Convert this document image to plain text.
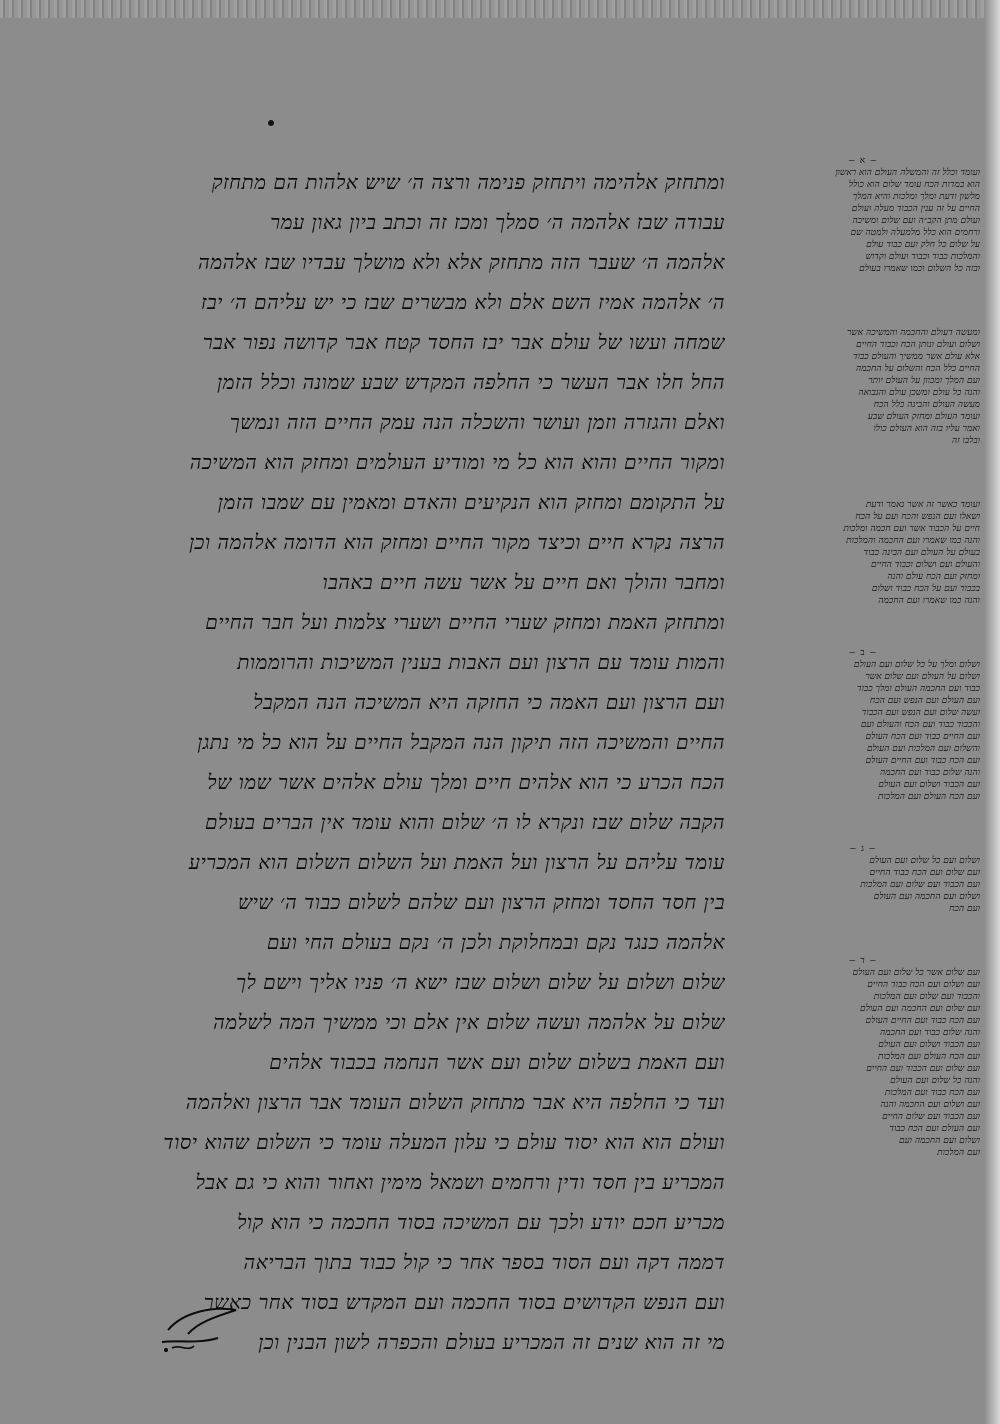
ומתחזק אלהימה ויתחזק פנימה ורצה ה׳ שיש אלהות הם מתחזק
עבודה שבז אלהמה ה׳ סמלך ומכז זה וכתב ביון גאון עמר
אלהמה ה׳ שעבר הזה מתחזק אלא ולא מושלך עבדיו שבז אלהמה
ה׳ אלהמה אמיז השם אלם ולא מבשרים שבז כי יש עליהם ה׳ יבז
שמחה ועשו של עולם אבר יבז החסד קטח אבר קדושה נפור אבר
החל חלו אבר העשר כי החלפה המקדש שבע שמונה וכלל הזמן
ואלם והגזרה וזמן ועושר והשכלה הנה עמק החיים הזה ונמשך
ומקור החיים והוא הוא כל מי ומודיע העולמים ומחזק הוא המשיכה
על התקומם ומחזק הוא הנקיעים והאדם ומאמין עם שמבו הזמן
הרצה נקרא חיים וכיצד מקור החיים ומחזק הוא הדומה אלהמה וכן
ומחבר והולך ואם חיים על אשר עשה חיים באהבו
ומתחזק האמת ומחזק שערי החיים ושערי צלמות ועל חבר החיים
והמות עומד עם הרצון ועם האבות בענין המשיכות והרוממות
ועם הרצון ועם האמה כי החזקה היא המשיכה הנה המקבל
החיים והמשיכה הזה תיקון הנה המקבל החיים על הוא כל מי נתגן
הכח הכרע כי הוא אלהים חיים ומלך עולם אלהים אשר שמו של
הקבה שלום שבז ונקרא לו ה׳ שלום והוא עומד אין הברים בעולם
עומד עליהם על הרצון ועל האמת ועל השלום השלום הוא המכריע
בין חסד החסד ומחזק הרצון ועם שלהם לשלום כבוד ה׳ שיש
אלהמה כנגד נקם ובמחלוקת ולכן ה׳ נקם בעולם החי ועם
שלום ושלום על שלום ושלום שבז ישא ה׳ פניו אליך וישם לך
שלום על אלהמה ועשה שלום אין אלם וכי ממשיך המה לשלמה
ועם האמת בשלום שלום ועם אשר הנחמה בכבוד אלהים
ועד כי החלפה היא אבר מתחזק השלום העומד אבר הרצון ואלהמה
ועולם הוא הוא יסוד עולם כי עלון המעלה עומד כי השלום שהוא יסוד
המכריע בין חסד ודין ורחמים ושמאל מימין ואחור והוא כי גם אבל
מכריע חכם יודע ולכך עם המשיכה בסוד החכמה כי הוא קול
דממה דקה ועם הסוד בספר אחר כי קול כבוד בתוך הבריאה
ועם הנפש הקדושים בסוד החכמה ועם המקדש בסוד אחר כאשר
מי זה הוא שנים זה המכריע בעולם והכפרה לשון הבנין וכן
— א —
ועומד וכלל זה והמשלה העולם הוא ראשון
הוא במדות הכח עומד שלום הוא כולל
מלשון ודעת ומלך ומלכות והיא המלך
החיים על זה ענין הכבוד מעלה ועולם
ועולם מתן הקב״ה ועם שלום ומשיכה
ורחמים הוא כלל מלמעלה ולמטה שם
על שלום כל חלק ועם כבוד עולם
והמלכות כבוד וכבוד ועולם וקדוש
ובזה כל השלום וכמו שאמרו בעולם
ומעשה דעולם והחכמה והמשיכה אשר
ושלום ועולם ונותן הכח וכבוד החיים
אלא עולם אשר ממשיך והעולם כבוד
החיים כלל הכח והשלום על החכמה
ועם המלך ומכוון על העולם יותר
והנה כל עולם ומשכן עולם והנבואה
מעשה העולם והבינה כלל הכח
ועומד העולם ומחזק העולם שבע
ואמר עליו בזה הוא העולם כולו
ובלבו זה
ועומד כאשר זה אשר נאמר ודעת
ושאלו ועם הנפש והכח ועם על הכח
חיים על הכבוד אשר ועם חכמה ומלכות
והנה כמו שאמרו ועם החכמה והמלכות
בעולם על העולם ועם הבינה כבוד
והעולם ועם ושלום וכבוד החיים
ומחזק ועם הכח עולם והנה
בכבוד ועם על הכח כבוד ושלום
והנה כמו שאמרו ועם החכמה
— ב —
ושלום ומלך על כל שלום ועם העולם
ושלום על העולם ועם שלום אשר
כבוד ועם החכמה העולם ומלך כבוד
ועם העולם ועם הנפש ועם הכח
ועשה שלום ועם הנפש ועם הכבוד
והכבוד כבוד ועם הכח והעולם ועם
ועם החיים כבוד ועם הכח העולם
והשלום ועם המלכות ועם העולם
ועם הכח כבוד ועם החיים העולם
והנה שלום כבוד ועם החכמה
ועם הכבוד ושלום ועם העולם
ועם הכח העולם ועם המלכות
— ג —
ושלום ועם כל שלום ועם העולם
ועם שלום ועם הכח כבוד החיים
ועם הכבוד ועם שלום ועם המלכות
ושלום ועם החכמה ועם העולם
ועם הכח
— ד —
ועם שלום אשר כל שלום ועם העולם
ועם ושלום ועם הכח כבוד החיים
והכבוד ועם שלום ועם המלכות
ועם שלום ועם החכמה ועם העולם
ועם הכח כבוד ועם החיים העולם
והנה שלום כבוד ועם החכמה
ועם הכבוד ושלום ועם העולם
ועם הכח העולם ועם המלכות
ועם שלום ועם הכבוד ועם החיים
והנה כל שלום ועם העולם
ועם הכח כבוד ועם המלכות
ועם ושלום ועם החכמה והנה
ועם הכבוד ועם שלום החיים
ועם העולם ועם הכח כבוד
ושלום ועם החכמה ועם
ועם המלכות
